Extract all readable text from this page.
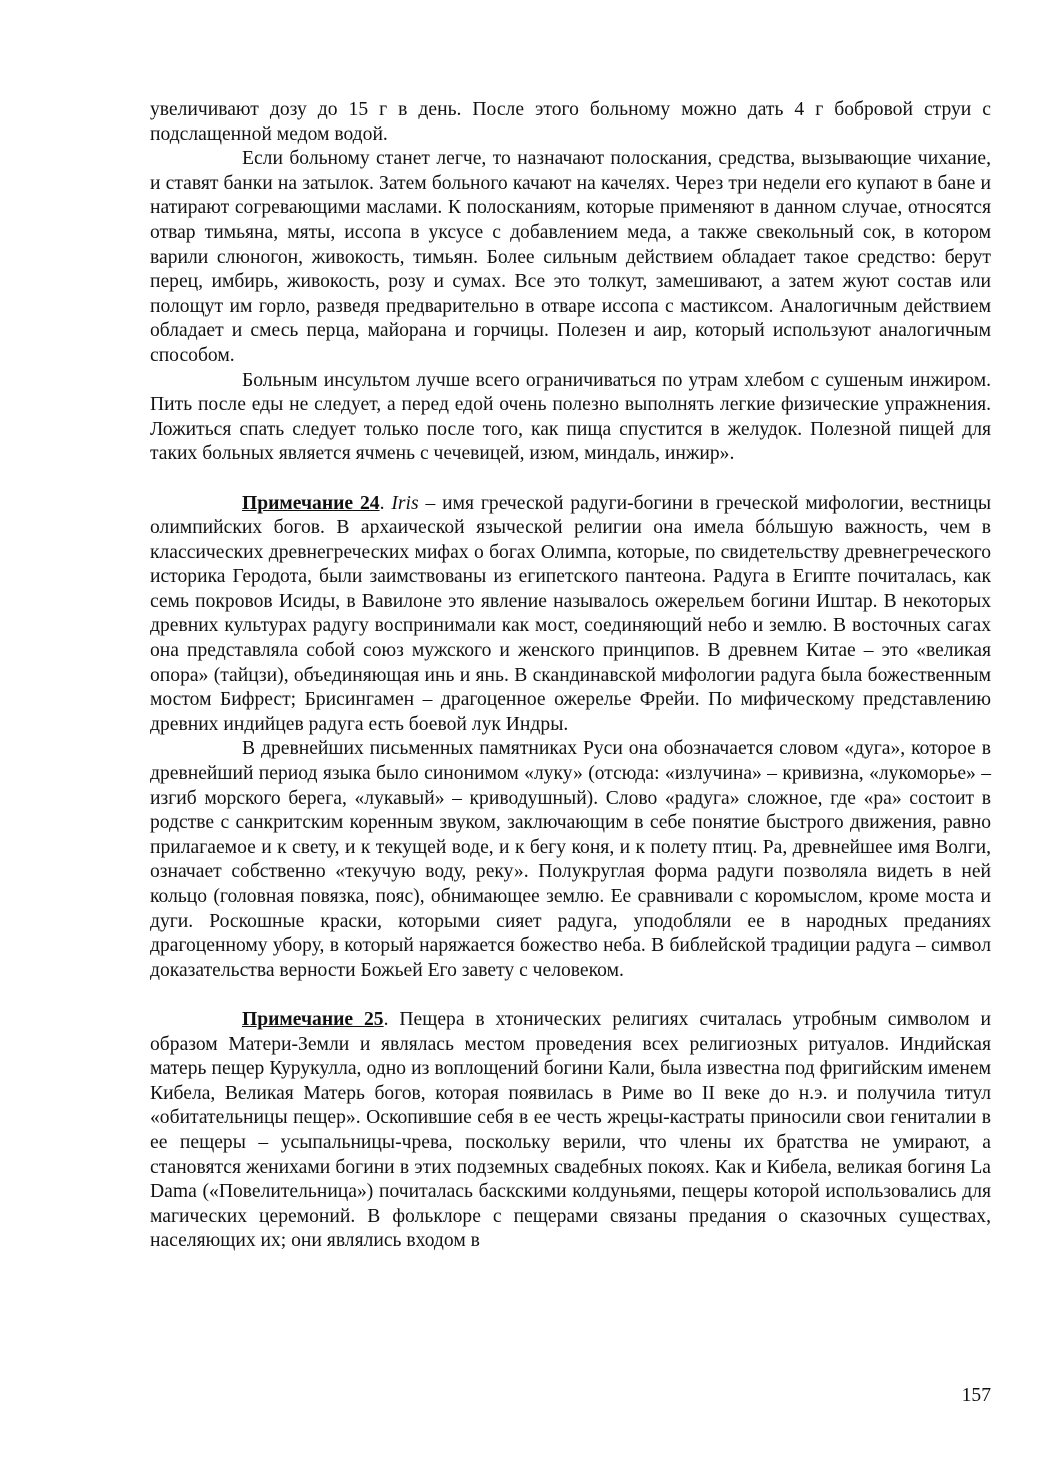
увеличивают дозу до 15 г в день. После этого больному можно дать 4 г бобровой струи с подслащенной медом водой.

Если больному станет легче, то назначают полоскания, средства, вызывающие чихание, и ставят банки на затылок. Затем больного качают на качелях. Через три недели его купают в бане и натирают согревающими маслами. К полосканиям, которые применяют в данном случае, относятся отвар тимьяна, мяты, иссопа в уксусе с добавлением меда, а также свекольный сок, в котором варили слюногон, живокость, тимьян. Более сильным действием обладает такое средство: берут перец, имбирь, живокость, розу и сумах. Все это толкут, замешивают, а затем жуют состав или полощут им горло, разведя предварительно в отваре иссопа с мастиксом. Аналогичным действием обладает и смесь перца, майорана и горчицы. Полезен и аир, который используют аналогичным способом.

Больным инсультом лучше всего ограничиваться по утрам хлебом с сушеным инжиром. Пить после еды не следует, а перед едой очень полезно выполнять легкие физические упражнения. Ложиться спать следует только после того, как пища спустится в желудок. Полезной пищей для таких больных является ячмень с чечевицей, изюм, миндаль, инжир».

Примечание 24. Iris – имя греческой радуги-богини в греческой мифологии, вестницы олимпийских богов. В архаической языческой религии она имела бóльшую важность, чем в классических древнегреческих мифах о богах Олимпа, которые, по свидетельству древнегреческого историка Геродота, были заимствованы из египетского пантеона. Радуга в Египте почиталась, как семь покровов Исиды, в Вавилоне это явление называлось ожерельем богини Иштар. В некоторых древних культурах радугу воспринимали как мост, соединяющий небо и землю. В восточных сагах она представляла собой союз мужского и женского принципов. В древнем Китае – это «великая опора» (тайцзи), объединяющая инь и янь. В скандинавской мифологии радуга была божественным мостом Бифрест; Брисингамен – драгоценное ожерелье Фрейи. По мифическому представлению древних индийцев радуга есть боевой лук Индры.

В древнейших письменных памятниках Руси она обозначается словом «дуга», которое в древнейший период языка было синонимом «луку» (отсюда: «излучина» – кривизна, «лукоморье» – изгиб морского берега, «лукавый» – криводушный). Слово «радуга» сложное, где «ра» состоит в родстве с санкритским коренным звуком, заключающим в себе понятие быстрого движения, равно прилагаемое и к свету, и к текущей воде, и к бегу коня, и к полету птиц. Ра, древнейшее имя Волги, означает собственно «текучую воду, реку». Полукруглая форма радуги позволяла видеть в ней кольцо (головная повязка, пояс), обнимающее землю. Ее сравнивали с коромыслом, кроме моста и дуги. Роскошные краски, которыми сияет радуга, уподобляли ее в народных преданиях драгоценному убору, в который наряжается божество неба. В библейской традиции радуга – символ доказательства верности Божьей Его завету с человеком.

Примечание 25. Пещера в хтонических религиях считалась утробным символом и образом Матери-Земли и являлась местом проведения всех религиозных ритуалов. Индийская матерь пещер Курукулла, одно из воплощений богини Кали, была известна под фригийским именем Кибела, Великая Матерь богов, которая появилась в Риме во II веке до н.э. и получила титул «обитательницы пещер». Оскопившие себя в ее честь жрецы-кастраты приносили свои гениталии в ее пещеры – усыпальницы-чрева, поскольку верили, что члены их братства не умирают, а становятся женихами богини в этих подземных свадебных покоях. Как и Кибела, великая богиня La Dama («Повелительница») почиталась баскскими колдуньями, пещеры которой использовались для магических церемоний. В фольклоре с пещерами связаны предания о сказочных существах, населяющих их; они являлись входом в

157
